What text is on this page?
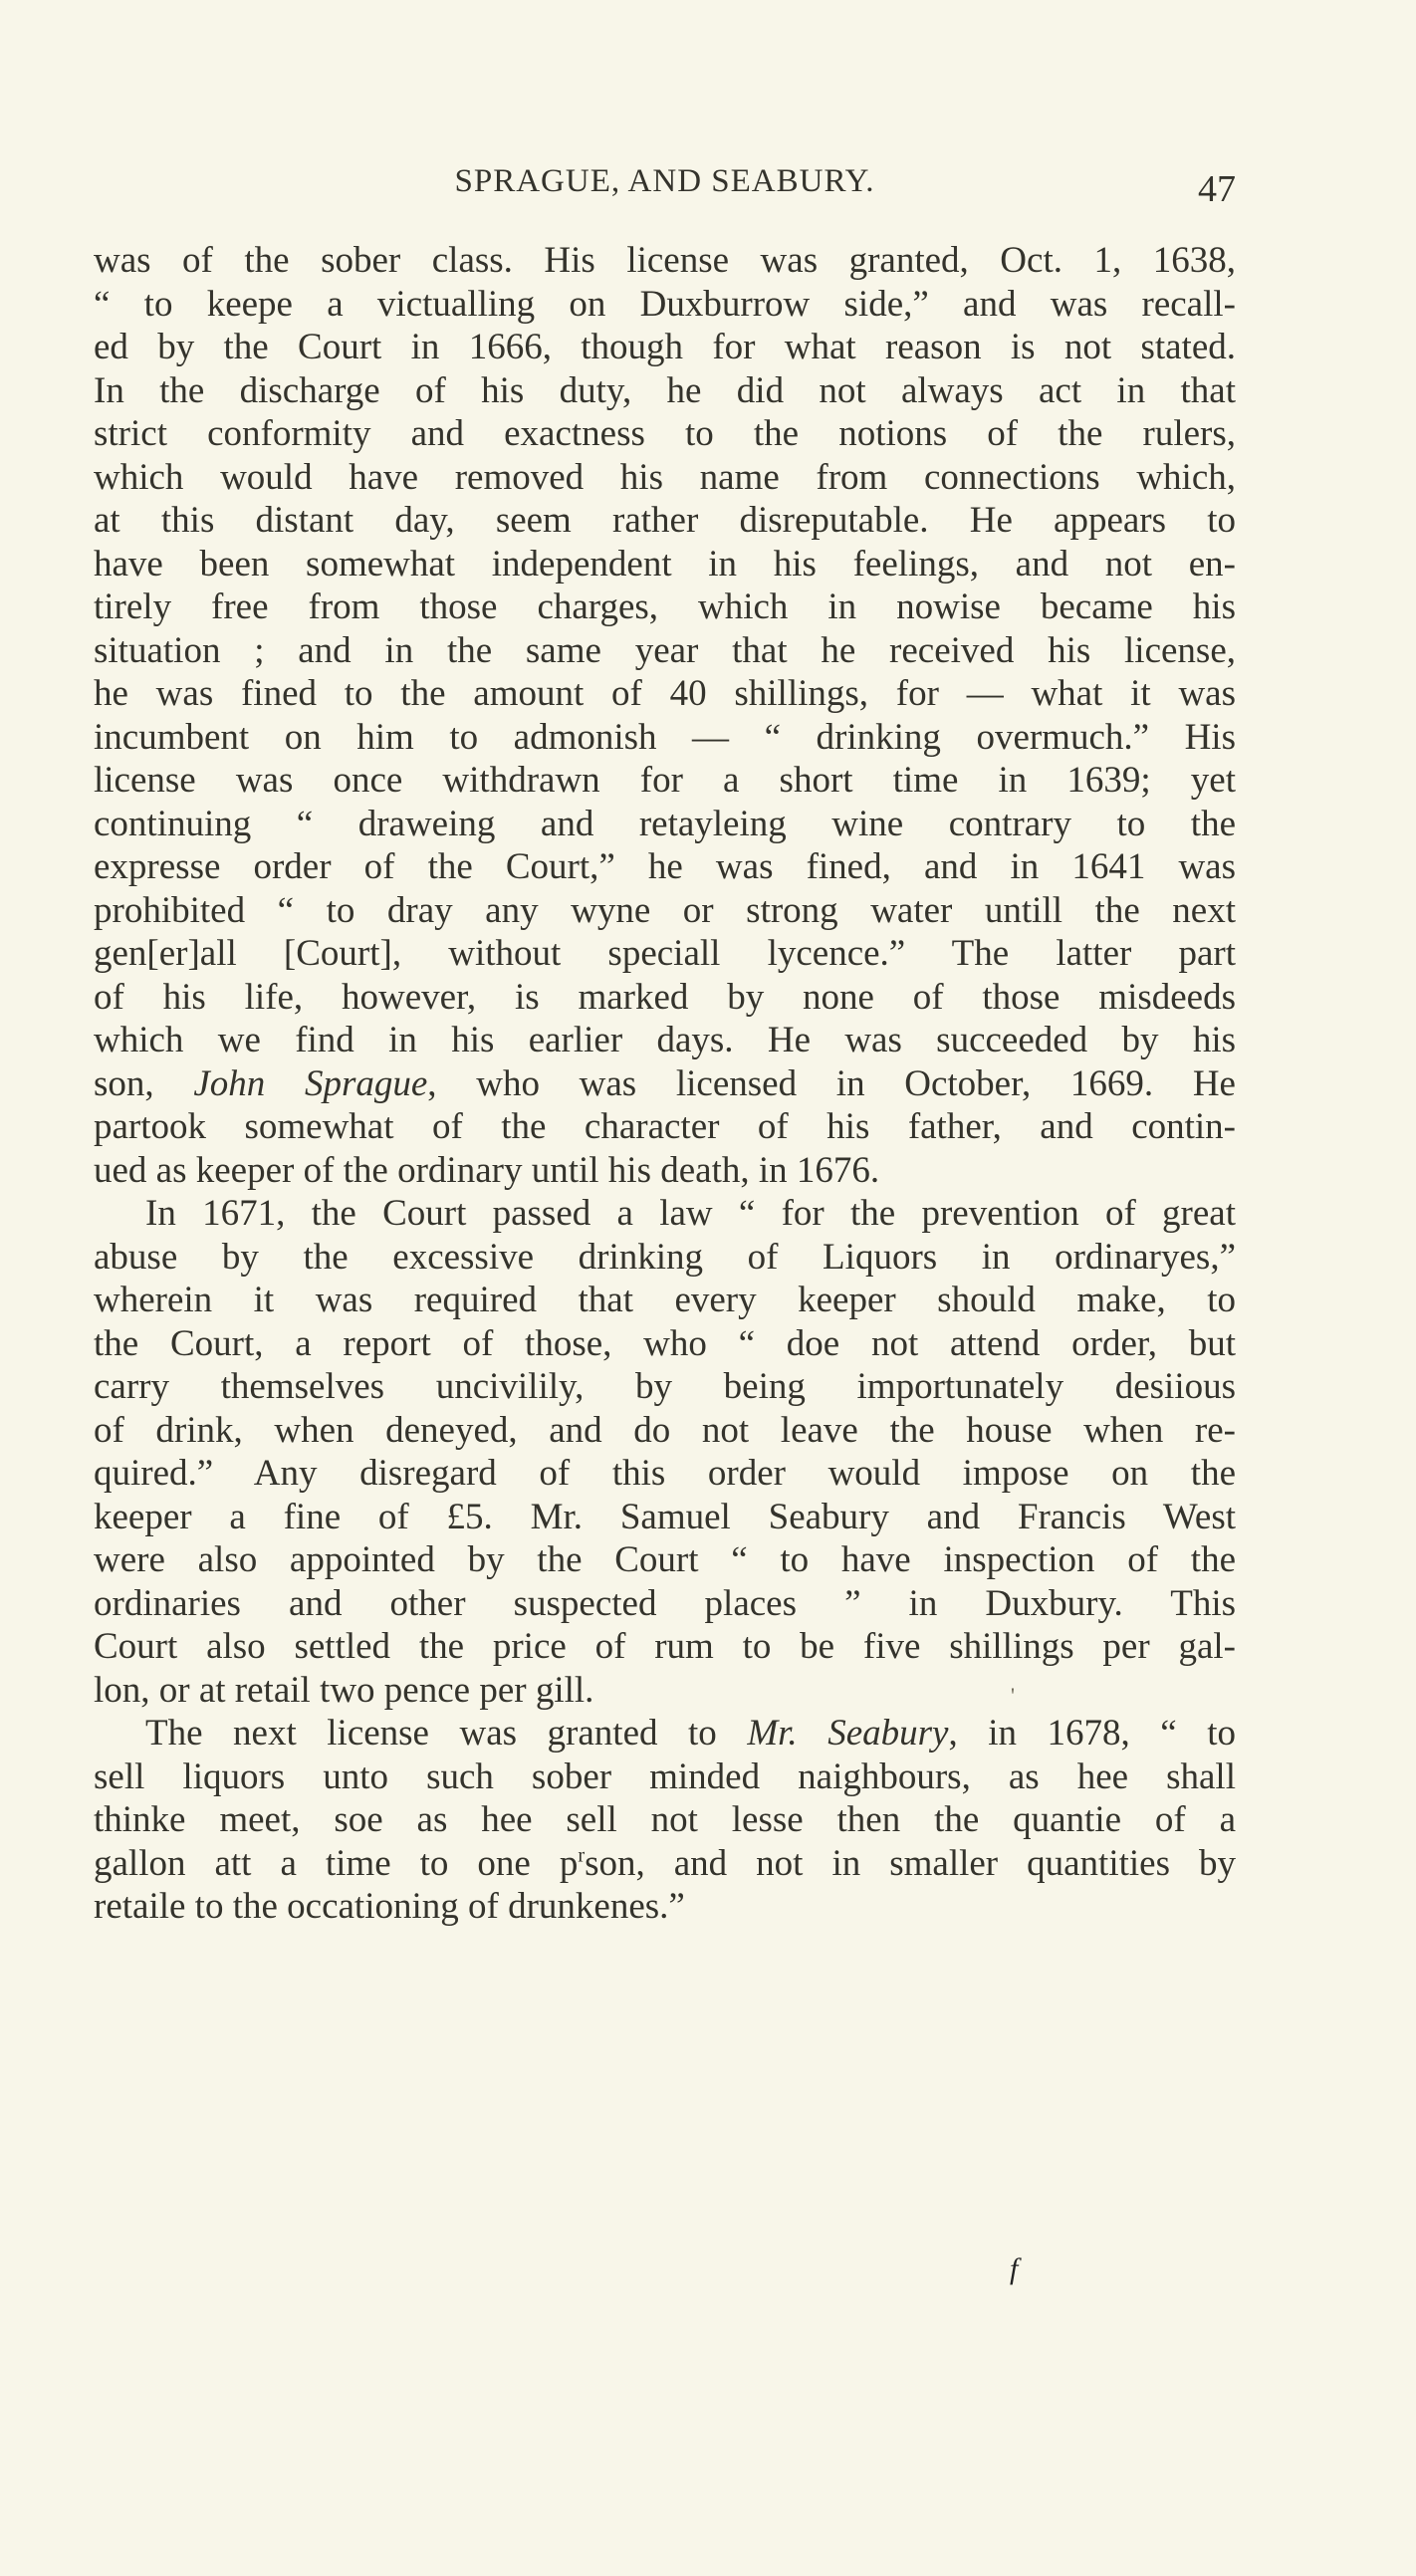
SPRAGUE, AND SEABURY.	47
was of the sober class. His license was granted, Oct. 1, 1638,
“ to keepe a victualling on Duxburrow side,” and was recall-
ed by the Court in 1666, though for what reason is not stated.
In the discharge of his duty, he did not always act in that
strict conformity and exactness to the notions of the rulers,
which would have removed his name from connections which,
at this distant day, seem rather disreputable. He appears to
have been somewhat independent in his feelings, and not en-
tirely free from those charges, which in nowise became his
situation ; and in the same year that he received his license,
he was fined to the amount of 40 shillings, for — what it was
incumbent on him to admonish — “ drinking overmuch.” His
license was once withdrawn for a short time in 1639; yet
continuing “ draweing and retayleing wine contrary to the
expresse order of the Court,” he was fined, and in 1641 was
prohibited “ to dray any wyne or strong water untill the next
gen[er]all [Court], without speciall lycence.” The latter part
of his life, however, is marked by none of those misdeeds
which we find in his earlier days. He was succeeded by his
son, John Sprague, who was licensed in October, 1669. He
partook somewhat of the character of his father, and contin-
ued as keeper of the ordinary until his death, in 1676.
In 1671, the Court passed a law “ for the prevention of great
abuse by the excessive drinking of Liquors in ordinaryes,”
wherein it was required that every keeper should make, to
the Court, a report of those, who “ doe not attend order, but
carry themselves uncivilily, by being importunately desiious
of drink, when deneyed, and do not leave the house when re-
quired.” Any disregard of this order would impose on the
keeper a fine of £5. Mr. Samuel Seabury and Francis West
were also appointed by the Court “ to have inspection of the
ordinaries and other suspected places ” in Duxbury. This
Court also settled the price of rum to be five shillings per gal-
lon, or at retail two pence per gill.
The next license was granted to Mr. Seabury, in 1678, “ to
sell liquors unto such sober minded naighbours, as hee shall
thinke meet, soe as hee sell not lesse then the quantie of a
gallon att a time to one $p^rson$, and not in smaller quantities by
retaile to the occationing of drunkenes.”
'
f
